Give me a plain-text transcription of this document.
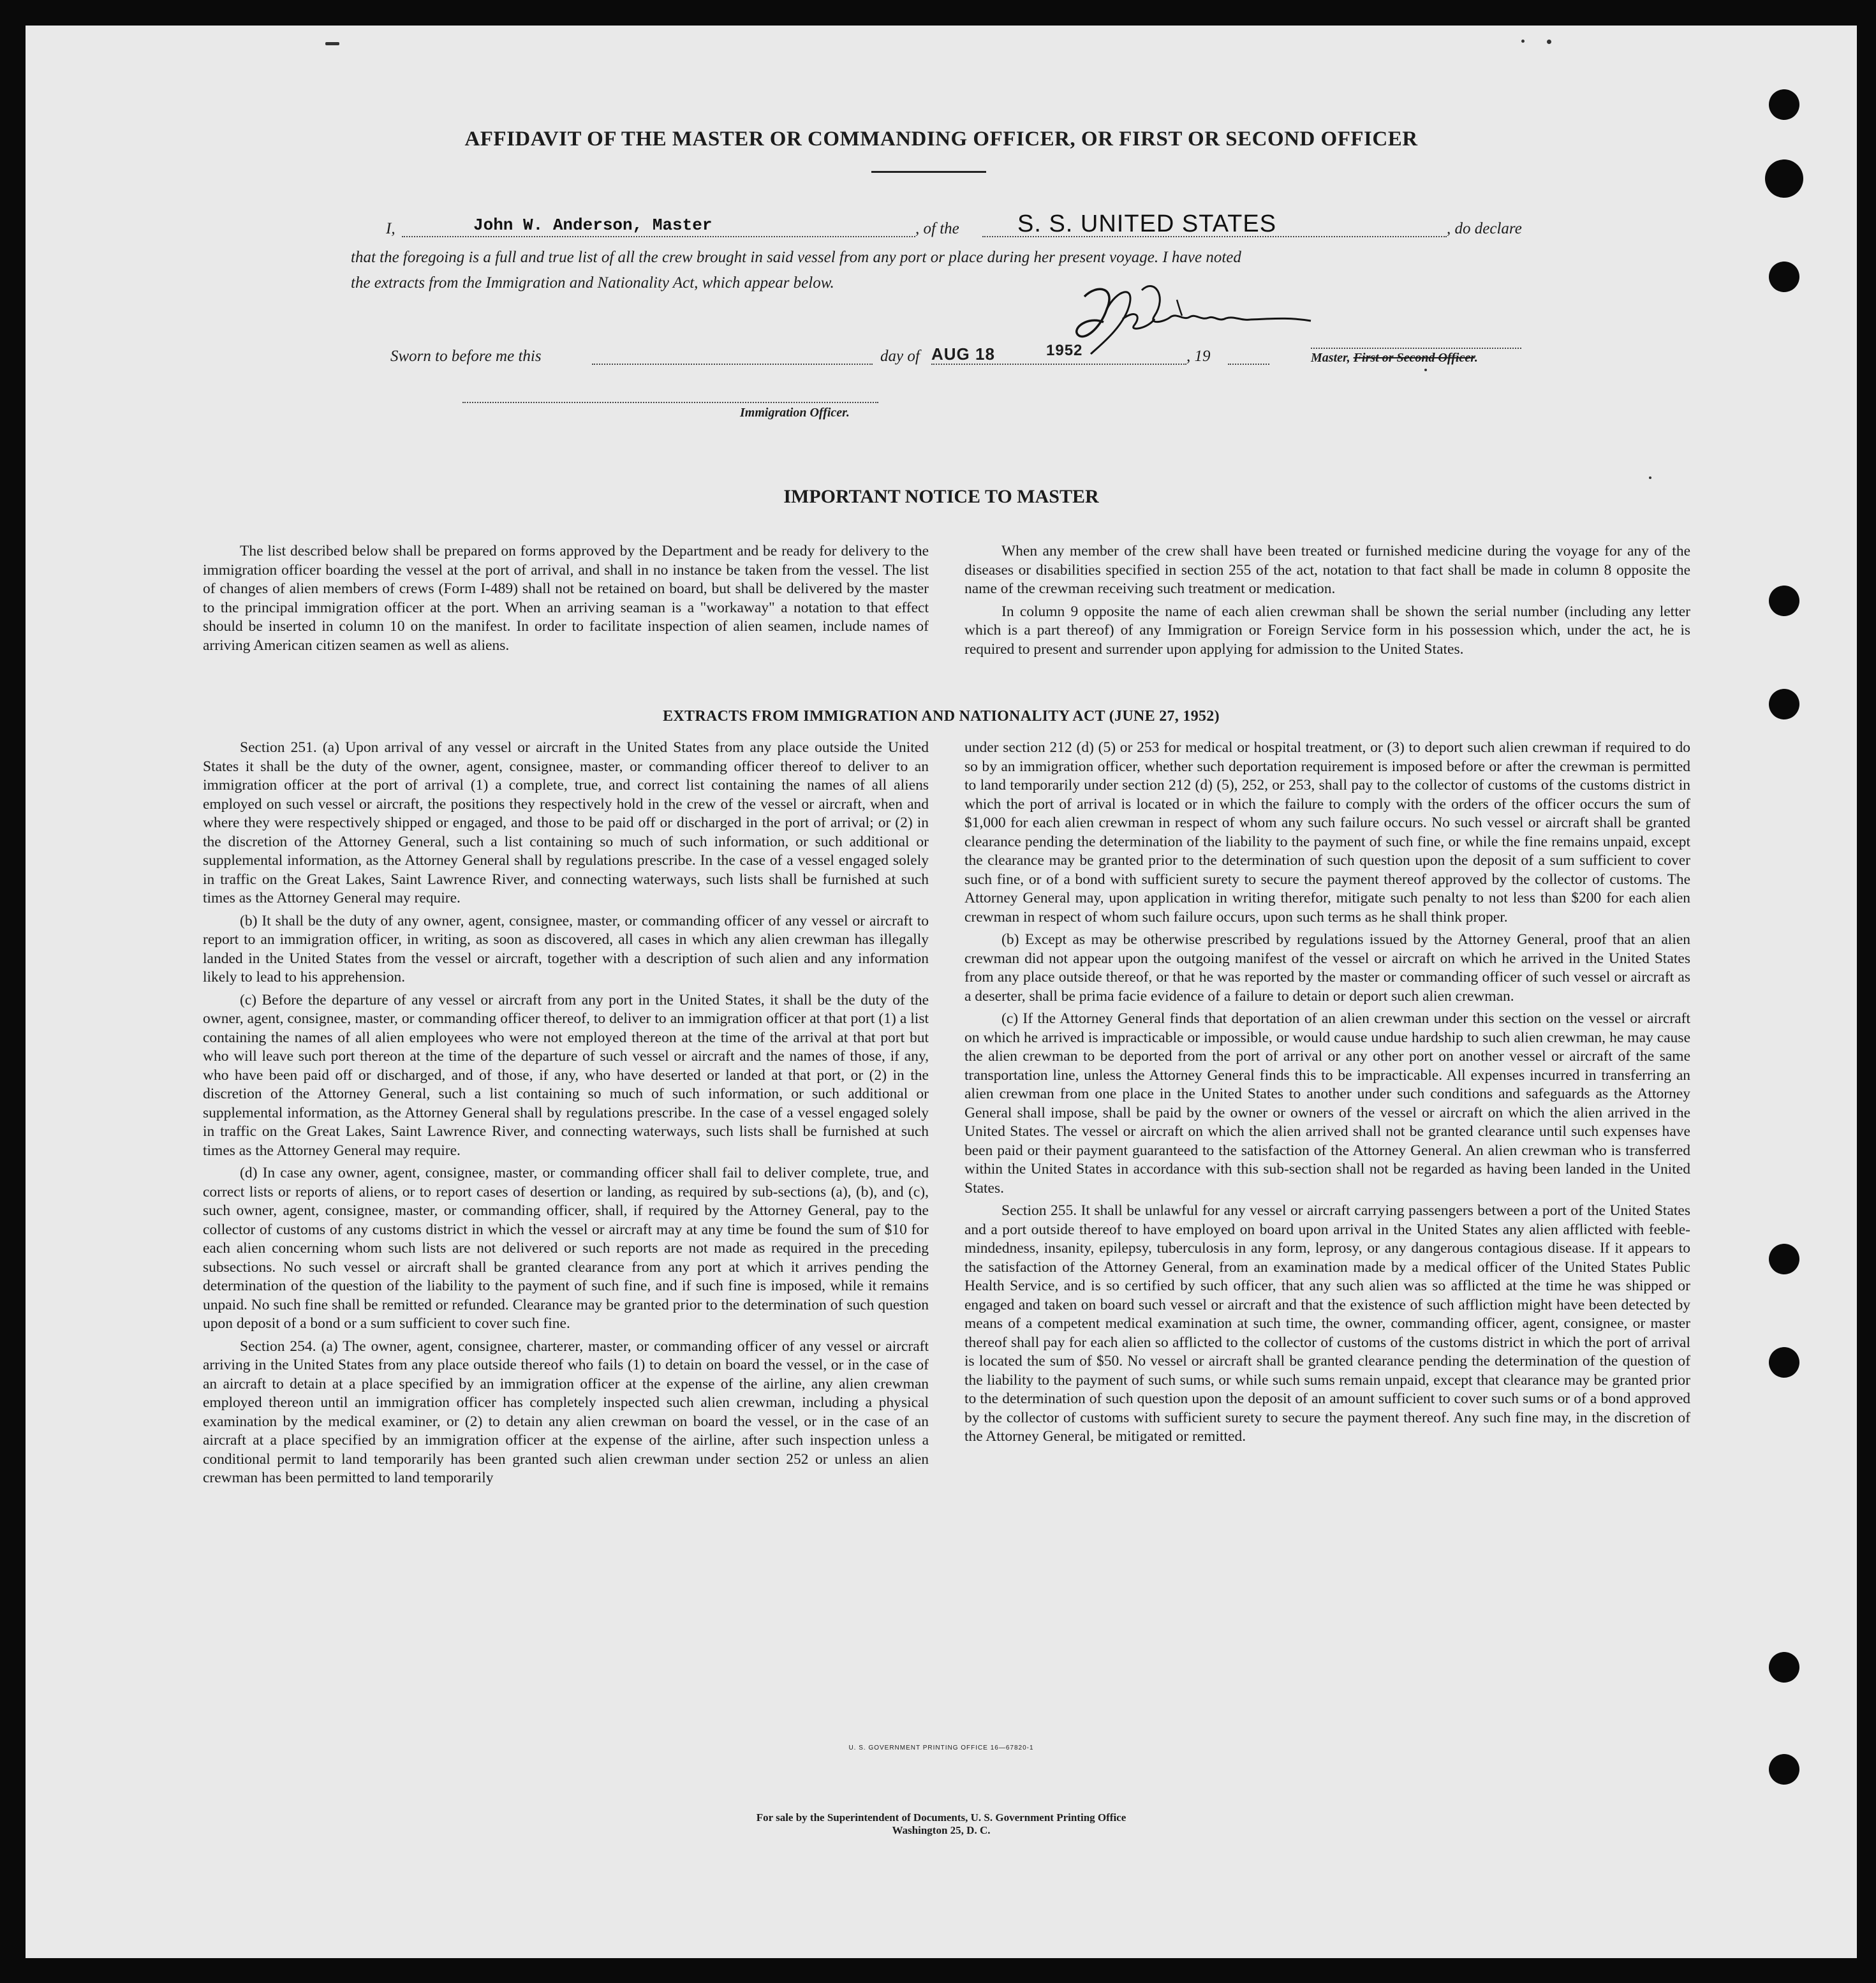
AFFIDAVIT OF THE MASTER OR COMMANDING OFFICER, OR FIRST OR SECOND OFFICER
I,	John W. Anderson, Master	, of the S. S. UNITED STATES	, do declare
that the foregoing is a full and true list of all the crew brought in said vessel from any port or place during her present voyage. I have noted
the extracts from the Immigration and Nationality Act, which appear below.
Master, First or Second Officer.
Sworn to before me this	day of AUG 18	1952	, 19
Immigration Officer.
IMPORTANT NOTICE TO MASTER

The list described below shall be prepared on forms approved by the Department and be ready for delivery to the immigration officer boarding the vessel at the port of arrival, and shall in no instance be taken from the vessel. The list of changes of alien members of crews (Form I-489) shall not be retained on board, but shall be delivered by the master to the principal immigration officer at the port. When an arriving seaman is a "workaway" a notation to that effect should be inserted in column 10 on the manifest. In order to facilitate inspection of alien seamen, include names of arriving American citizen seamen as well as aliens.

When any member of the crew shall have been treated or furnished medicine during the voyage for any of the diseases or disabilities specified in section 255 of the act, notation to that fact shall be made in column 8 opposite the name of the crewman receiving such treatment or medication.

In column 9 opposite the name of each alien crewman shall be shown the serial number (including any letter which is a part thereof) of any Immigration or Foreign Service form in his possession which, under the act, he is required to present and surrender upon applying for admission to the United States.

EXTRACTS FROM IMMIGRATION AND NATIONALITY ACT (JUNE 27, 1952)

Section 251. (a) Upon arrival of any vessel or aircraft in the United States from any place outside the United States it shall be the duty of the owner, agent, consignee, master, or commanding officer thereof to deliver to an immigration officer at the port of arrival (1) a complete, true, and correct list containing the names of all aliens employed on such vessel or aircraft, the positions they respectively hold in the crew of the vessel or aircraft, when and where they were respectively shipped or engaged, and those to be paid off or discharged in the port of arrival; or (2) in the discretion of the Attorney General, such a list containing so much of such information, or such additional or supplemental information, as the Attorney General shall by regulations prescribe. In the case of a vessel engaged solely in traffic on the Great Lakes, Saint Lawrence River, and connecting waterways, such lists shall be furnished at such times as the Attorney General may require.

(b) It shall be the duty of any owner, agent, consignee, master, or commanding officer of any vessel or aircraft to report to an immigration officer, in writing, as soon as discovered, all cases in which any alien crewman has illegally landed in the United States from the vessel or aircraft, together with a description of such alien and any information likely to lead to his apprehension.

(c) Before the departure of any vessel or aircraft from any port in the United States, it shall be the duty of the owner, agent, consignee, master, or commanding officer thereof, to deliver to an immigration officer at that port (1) a list containing the names of all alien employees who were not employed thereon at the time of the arrival at that port but who will leave such port thereon at the time of the departure of such vessel or aircraft and the names of those, if any, who have been paid off or discharged, and of those, if any, who have deserted or landed at that port, or (2) in the discretion of the Attorney General, such a list containing so much of such information, or such additional or supplemental information, as the Attorney General shall by regulations prescribe. In the case of a vessel engaged solely in traffic on the Great Lakes, Saint Lawrence River, and connecting waterways, such lists shall be furnished at such times as the Attorney General may require.

(d) In case any owner, agent, consignee, master, or commanding officer shall fail to deliver complete, true, and correct lists or reports of aliens, or to report cases of desertion or landing, as required by sub-sections (a), (b), and (c), such owner, agent, consignee, master, or commanding officer, shall, if required by the Attorney General, pay to the collector of customs of any customs district in which the vessel or aircraft may at any time be found the sum of $10 for each alien concerning whom such lists are not delivered or such reports are not made as required in the preceding subsections. No such vessel or aircraft shall be granted clearance from any port at which it arrives pending the determination of the question of the liability to the payment of such fine, and if such fine is imposed, while it remains unpaid. No such fine shall be remitted or refunded. Clearance may be granted prior to the determination of such question upon deposit of a bond or a sum sufficient to cover such fine.

Section 254. (a) The owner, agent, consignee, charterer, master, or commanding officer of any vessel or aircraft arriving in the United States from any place outside thereof who fails (1) to detain on board the vessel, or in the case of an aircraft to detain at a place specified by an immigration officer at the expense of the airline, any alien crewman employed thereon until an immigration officer has completely inspected such alien crewman, including a physical examination by the medical examiner, or (2) to detain any alien crewman on board the vessel, or in the case of an aircraft at a place specified by an immigration officer at the expense of the airline, after such inspection unless a conditional permit to land temporarily has been granted such alien crewman under section 252 or unless an alien crewman has been permitted to land temporarily

under section 212 (d) (5) or 253 for medical or hospital treatment, or (3) to deport such alien crewman if required to do so by an immigration officer, whether such deportation requirement is imposed before or after the crewman is permitted to land temporarily under section 212 (d) (5), 252, or 253, shall pay to the collector of customs of the customs district in which the port of arrival is located or in which the failure to comply with the orders of the officer occurs the sum of $1,000 for each alien crewman in respect of whom any such failure occurs. No such vessel or aircraft shall be granted clearance pending the determination of the liability to the payment of such fine, or while the fine remains unpaid, except the clearance may be granted prior to the determination of such question upon the deposit of a sum sufficient to cover such fine, or of a bond with sufficient surety to secure the payment thereof approved by the collector of customs. The Attorney General may, upon application in writing therefor, mitigate such penalty to not less than $200 for each alien crewman in respect of whom such failure occurs, upon such terms as he shall think proper.

(b) Except as may be otherwise prescribed by regulations issued by the Attorney General, proof that an alien crewman did not appear upon the outgoing manifest of the vessel or aircraft on which he arrived in the United States from any place outside thereof, or that he was reported by the master or commanding officer of such vessel or aircraft as a deserter, shall be prima facie evidence of a failure to detain or deport such alien crewman.

(c) If the Attorney General finds that deportation of an alien crewman under this section on the vessel or aircraft on which he arrived is impracticable or impossible, or would cause undue hardship to such alien crewman, he may cause the alien crewman to be deported from the port of arrival or any other port on another vessel or aircraft of the same transportation line, unless the Attorney General finds this to be impracticable. All expenses incurred in transferring an alien crewman from one place in the United States to another under such conditions and safeguards as the Attorney General shall impose, shall be paid by the owner or owners of the vessel or aircraft on which the alien arrived in the United States. The vessel or aircraft on which the alien arrived shall not be granted clearance until such expenses have been paid or their payment guaranteed to the satisfaction of the Attorney General. An alien crewman who is transferred within the United States in accordance with this sub-section shall not be regarded as having been landed in the United States.

Section 255. It shall be unlawful for any vessel or aircraft carrying passengers between a port of the United States and a port outside thereof to have employed on board upon arrival in the United States any alien afflicted with feeble-mindedness, insanity, epilepsy, tuberculosis in any form, leprosy, or any dangerous contagious disease. If it appears to the satisfaction of the Attorney General, from an examination made by a medical officer of the United States Public Health Service, and is so certified by such officer, that any such alien was so afflicted at the time he was shipped or engaged and taken on board such vessel or aircraft and that the existence of such affliction might have been detected by means of a competent medical examination at such time, the owner, commanding officer, agent, consignee, or master thereof shall pay for each alien so afflicted to the collector of customs of the customs district in which the port of arrival is located the sum of $50. No vessel or aircraft shall be granted clearance pending the determination of the question of the liability to the payment of such sums, or while such sums remain unpaid, except that clearance may be granted prior to the determination of such question upon the deposit of an amount sufficient to cover such sums or of a bond approved by the collector of customs with sufficient surety to secure the payment thereof. Any such fine may, in the discretion of the Attorney General, be mitigated or remitted.

U. S. GOVERNMENT PRINTING OFFICE 16—67820-1
For sale by the Superintendent of Documents, U. S. Government Printing Office
Washington 25, D. C.
